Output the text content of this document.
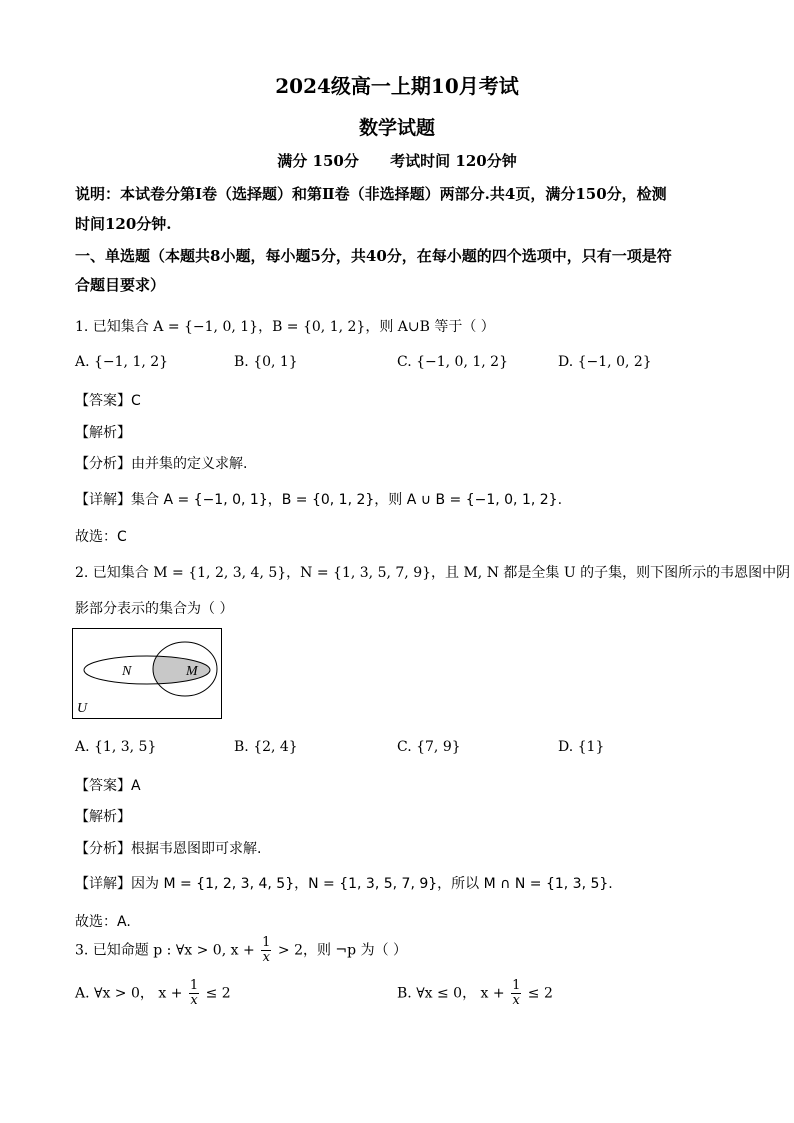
2024级高一上期10月考试
数学试题
满分 150分      考试时间 120分钟
说明：本试卷分第Ⅰ卷（选择题）和第Ⅱ卷（非选择题）两部分.共4页，满分150分，检测
时间120分钟.
一、单选题（本题共8小题，每小题5分，共40分，在每小题的四个选项中，只有一项是符
合题目要求）
1. 已知集合 A = {−1, 0, 1}，B = {0, 1, 2}，则 A∪B 等于（ ）
A. {−1, 1, 2}	B. {0, 1}	C. {−1, 0, 1, 2}	D. {−1, 0, 2}
【答案】C
【解析】
【分析】由并集的定义求解.
【详解】集合 A = {−1, 0, 1}，B = {0, 1, 2}，则 A ∪ B = {−1, 0, 1, 2}.
故选：C
2. 已知集合 M = {1, 2, 3, 4, 5}，N = {1, 3, 5, 7, 9}，且 M, N 都是全集 U 的子集，则下图所示的韦恩图中阴
影部分表示的集合为（ ）
N	M
U
A. {1, 3, 5}	B. {2, 4}	C. {7, 9}	D. {1}
【答案】A
【解析】
【分析】根据韦恩图即可求解.
【详解】因为 M = {1, 2, 3, 4, 5}，N = {1, 3, 5, 7, 9}，所以 M ∩ N = {1, 3, 5}.
故选：A.
3. 已知命题 p : ∀x > 0, $x + \frac{1}{x} > 2$，则 ¬p 为（ ）
A. ∀x > 0， $x + \frac{1}{x} \le 2$	B. ∀x ≤ 0， $x + \frac{1}{x} \le 2$
